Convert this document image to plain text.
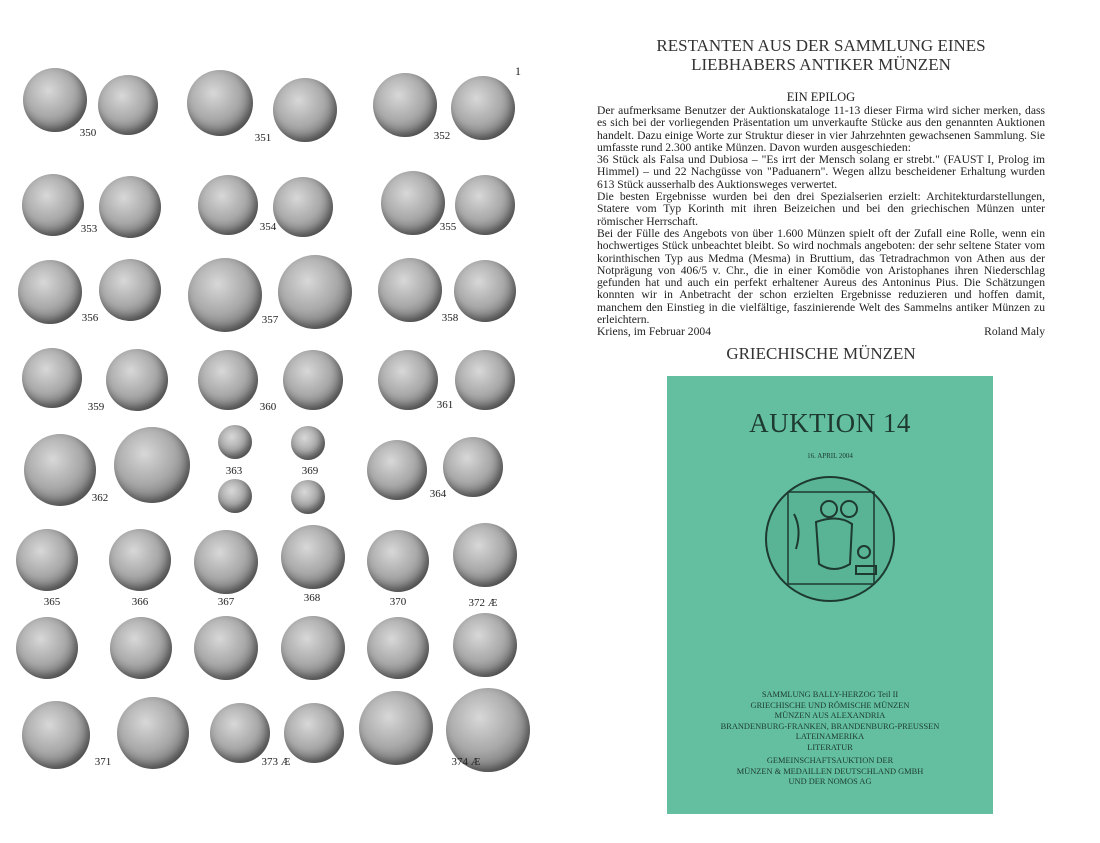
350	351	352
353	354	355
356	357	358
359	360	361
362
363	369
364
365	366	367	368	370	372 Æ
371	373 Æ	374 Æ
1
RESTANTEN AUS DER SAMMLUNG EINES
LIEBHABERS ANTIKER MÜNZEN
EIN EPILOG

Der aufmerksame Benutzer der Auktionskataloge 11-13 dieser Firma wird sicher merken, dass es sich bei der vorliegenden Präsentation um unverkaufte Stücke aus den genannten Auktionen handelt. Dazu einige Worte zur Struktur dieser in vier Jahrzehnten gewachsenen Sammlung. Sie umfasste rund 2.300 antike Münzen. Davon wurden ausgeschieden:

36 Stück als Falsa und Dubiosa – "Es irrt der Mensch solang er strebt." (FAUST I, Prolog im Himmel) – und 22 Nachgüsse von "Paduanern". Wegen allzu bescheidener Erhaltung wurden 613 Stück ausserhalb des Auktionsweges verwertet.

Die besten Ergebnisse wurden bei den drei Spezialserien erzielt: Architekturdarstellungen, Statere vom Typ Korinth mit ihren Beizeichen und bei den griechischen Münzen unter römischer Herrschaft.

Bei der Fülle des Angebots von über 1.600 Münzen spielt oft der Zufall eine Rolle, wenn ein hochwertiges Stück unbeachtet bleibt. So wird nochmals angeboten: der sehr seltene Stater vom korinthischen Typ aus Medma (Mesma) in Bruttium, das Tetradrachmon von Athen aus der Notprägung von 406/5 v. Chr., die in einer Komödie von Aristophanes ihren Niederschlag gefunden hat und auch ein perfekt erhaltener Aureus des Antoninus Pius. Die Schätzungen konnten wir in Anbetracht der schon erzielten Ergebnisse reduzieren und hoffen damit, manchem den Einstieg in die vielfältige, faszinierende Welt des Sammelns antiker Münzen zu erleichtern.

Kriens, im Februar 2004	Roland Maly
GRIECHISCHE MÜNZEN
AUKTION 14
16. APRIL 2004
SAMMLUNG BALLY-HERZOG Teil II
GRIECHISCHE UND RÖMISCHE MÜNZEN
MÜNZEN AUS ALEXANDRIA
BRANDENBURG-FRANKEN, BRANDENBURG-PREUSSEN
LATEINAMERIKA
LITERATUR
GEMEINSCHAFTSAUKTION DER
MÜNZEN & MEDAILLEN DEUTSCHLAND GMBH
UND DER NOMOS AG
